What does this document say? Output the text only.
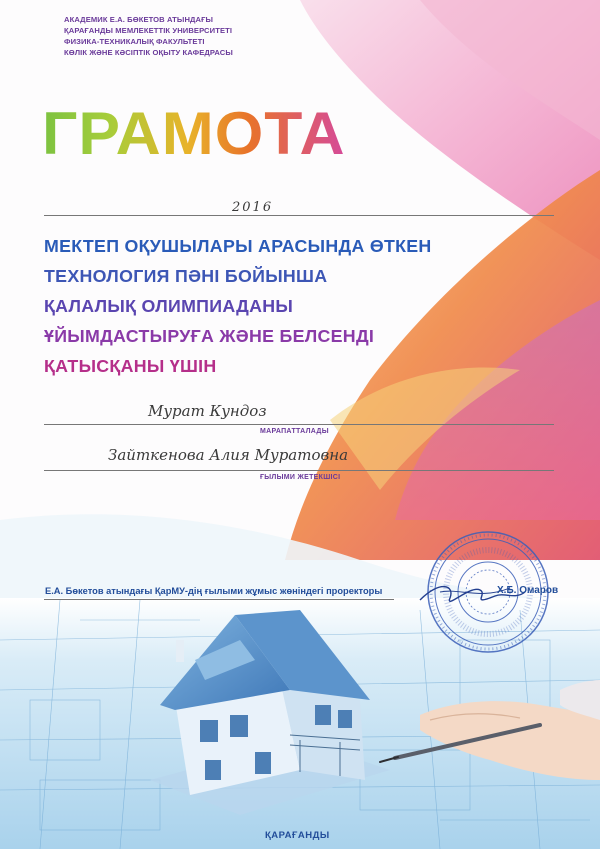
АКАДЕМИК Е.А. БӨКЕТОВ АТЫНДАҒЫ
ҚАРАҒАНДЫ МЕМЛЕКЕТТІК УНИВЕРСИТЕТІ
ФИЗИКА-ТЕХНИКАЛЫҚ ФАКУЛЬТЕТІ
КӨЛІК ЖӘНЕ КӘСІПТІК ОҚЫТУ КАФЕДРАСЫ
ГРАМОТА
2016
МЕКТЕП ОҚУШЫЛАРЫ АРАСЫНДА ӨТКЕН
ТЕХНОЛОГИЯ ПӘНІ БОЙЫНША
ҚАЛАЛЫҚ ОЛИМПИАДАНЫ
ҰЙЫМДАСТЫРУҒА ЖӘНЕ БЕЛСЕНДІ
ҚАТЫСҚАНЫ ҮШІН
Мурат Кундоз
МАРАПАТТАЛАДЫ
Зайткенова Алия Муратовна
ҒЫЛЫМИ ЖЕТЕКШІСІ
Е.А. Бөкетов атындағы ҚарМУ-дің ғылыми жұмыс жөніндегі проректоры	Х.Б. Омаров
ҚАРАҒАНДЫ
